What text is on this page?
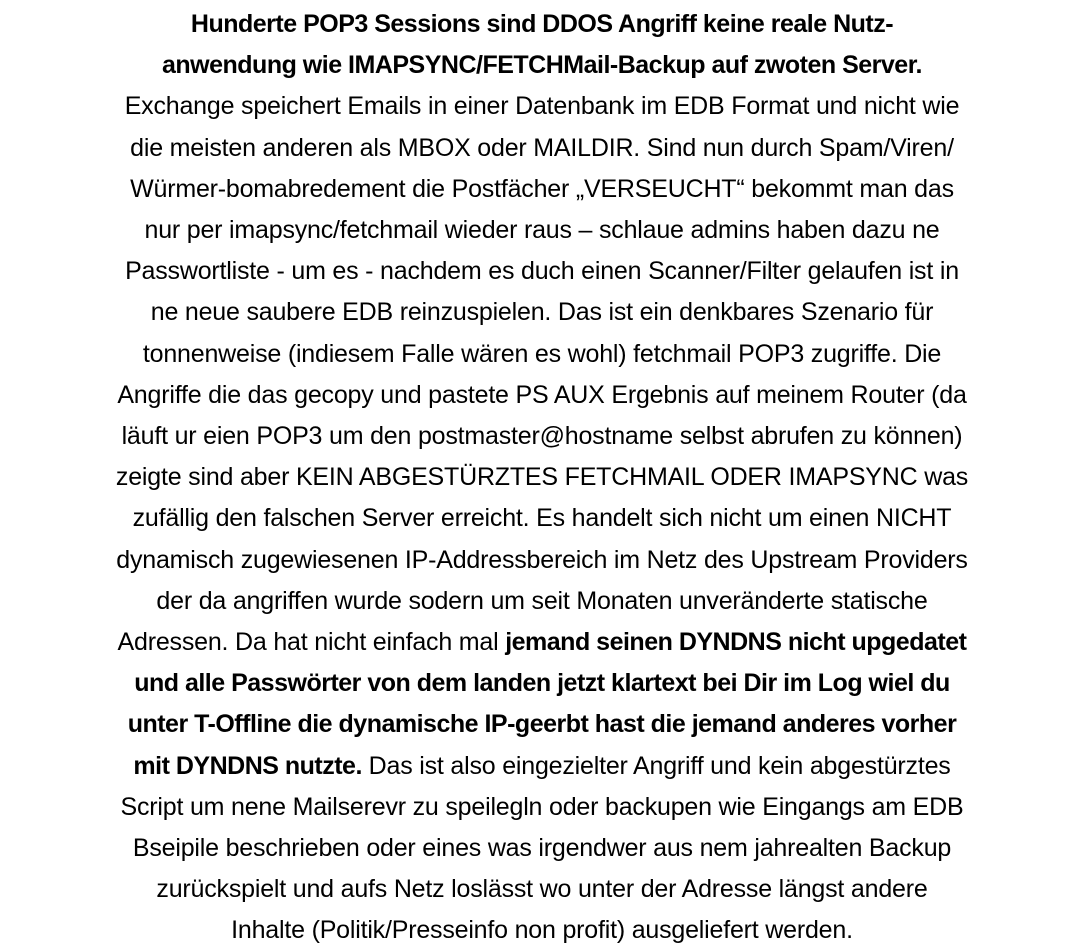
Hunderte POP3 Sessions sind DDOS Angriff keine reale Nutz-
anwendung wie IMAPSYNC/FETCHMail-Backup auf zwoten Server.
Exchange speichert Emails in einer Datenbank im EDB Format und nicht wie
die meisten anderen als MBOX oder MAILDIR. Sind nun durch Spam/Viren/
Würmer-bomabredement die Postfächer „VERSEUCHT“ bekommt man das
nur per imapsync/fetchmail wieder raus – schlaue admins haben dazu ne
Passwortliste - um es - nachdem es duch einen Scanner/Filter gelaufen ist in
ne neue saubere EDB reinzuspielen. Das ist ein denkbares Szenario für
tonnenweise (indiesem Falle wären es wohl) fetchmail POP3 zugriffe. Die
Angriffe die das gecopy und pastete PS AUX Ergebnis auf meinem Router (da
läuft ur eien POP3 um den postmaster@hostname selbst abrufen zu können)
zeigte sind aber KEIN ABGESTÜRZTES FETCHMAIL ODER IMAPSYNC was
zufällig den falschen Server erreicht. Es handelt sich nicht um einen NICHT
dynamisch zugewiesenen IP-Addressbereich im Netz des Upstream Providers
der da angriffen wurde sodern um seit Monaten unveränderte statische
Adressen. Da hat nicht einfach mal jemand seinen DYNDNS nicht upgedatet
und alle Passwörter von dem landen jetzt klartext bei Dir im Log wiel du
unter T-Offline die dynamische IP-geerbt hast die jemand anderes vorher
mit DYNDNS nutzte. Das ist also eingezielter Angriff und kein abgestürztes
Script um nene Mailserevr zu speilegln oder backupen wie Eingangs am EDB
Bseipile beschrieben oder eines was irgendwer aus nem jahrealten Backup
zurückspielt und aufs Netz loslässt wo unter der Adresse längst andere
Inhalte (Politik/Presseinfo non profit) ausgeliefert werden.
